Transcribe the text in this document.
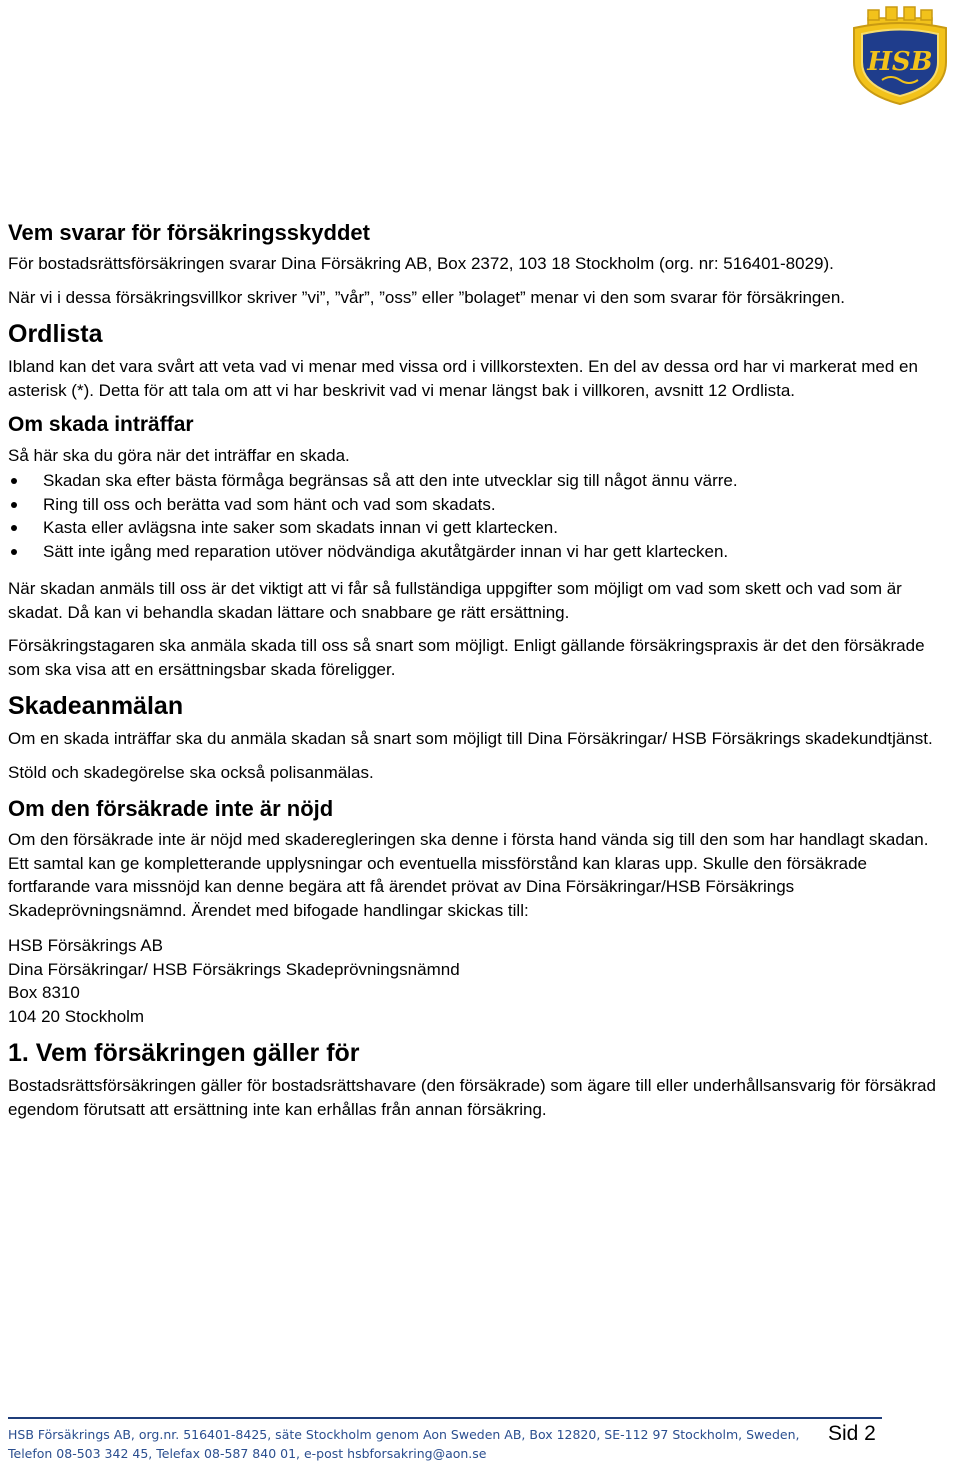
HSB
Vem svarar för försäkringsskyddet

För bostadsrättsförsäkringen svarar Dina Försäkring AB, Box 2372, 103 18 Stockholm (org. nr: 516401-8029).

När vi i dessa försäkringsvillkor skriver ”vi”, ”vår”, ”oss” eller ”bolaget” menar vi den som svarar för försäkringen.

Ordlista

Ibland kan det vara svårt att veta vad vi menar med vissa ord i villkorstexten. En del av dessa ord har vi markerat med en asterisk (*). Detta för att tala om att vi har beskrivit vad vi menar längst bak i villkoren, avsnitt 12 Ordlista.

Om skada inträffar

Så här ska du göra när det inträffar en skada.

Skadan ska efter bästa förmåga begränsas så att den inte utvecklar sig till något ännu värre.
Ring till oss och berätta vad som hänt och vad som skadats.
Kasta eller avlägsna inte saker som skadats innan vi gett klartecken.
Sätt inte igång med reparation utöver nödvändiga akutåtgärder innan vi har gett klartecken.

När skadan anmäls till oss är det viktigt att vi får så fullständiga uppgifter som möjligt om vad som skett och vad som är skadat. Då kan vi behandla skadan lättare och snabbare ge rätt ersättning.

Försäkringstagaren ska anmäla skada till oss så snart som möjligt. Enligt gällande försäkringspraxis är det den försäkrade som ska visa att en ersättningsbar skada föreligger.

Skadeanmälan

Om en skada inträffar ska du anmäla skadan så snart som möjligt till Dina Försäkringar/ HSB Försäkrings skadekundtjänst.

Stöld och skadegörelse ska också polisanmälas.

Om den försäkrade inte är nöjd

Om den försäkrade inte är nöjd med skaderegleringen ska denne i första hand vända sig till den som har handlagt skadan. Ett samtal kan ge kompletterande upplysningar och eventuella missförstånd kan klaras upp. Skulle den försäkrade fortfarande vara missnöjd kan denne begära att få ärendet prövat av Dina Försäkringar/HSB Försäkrings Skadeprövningsnämnd. Ärendet med bifogade handlingar skickas till:

HSB Försäkrings AB

Dina Försäkringar/ HSB Försäkrings Skadeprövningsnämnd

Box 8310

104 20 Stockholm

1. Vem försäkringen gäller för

Bostadsrättsförsäkringen gäller för bostadsrättshavare (den försäkrade) som ägare till eller underhållsansvarig för försäkrad egendom förutsatt att ersättning inte kan erhållas från annan försäkring.

HSB Försäkrings AB, org.nr. 516401-8425, säte Stockholm genom Aon Sweden AB, Box 12820, SE-112 97 Stockholm, Sweden,
Telefon 08-503 342 45, Telefax 08-587 840 01, e-post hsbforsakring@aon.se
Sid 2
